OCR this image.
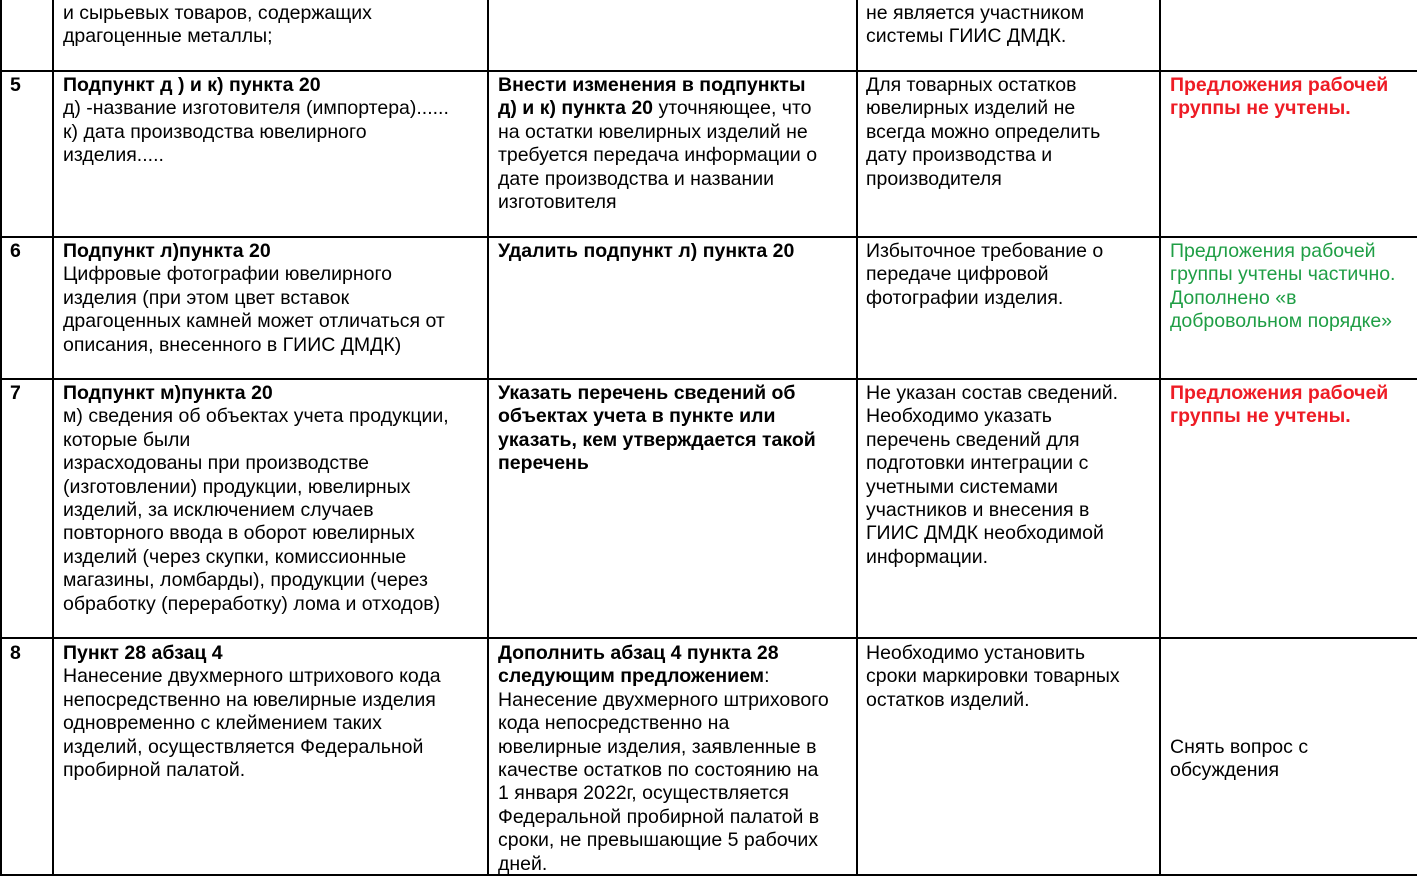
и сырьевых товаров, содержащих
драгоценные металлы;
не является участником
системы ГИИС ДМДК.
5 Подпункт д ) и к) пункта 20
д) -название изготовителя (импортера)......
к) дата производства ювелирного
изделия.....
Внести изменения в подпункты
д) и к) пункта 20 уточняющее, что
на остатки ювелирных изделий не
требуется передача информации о
дате производства и названии
изготовителя
Для товарных остатков
ювелирных изделий не
всегда можно определить
дату производства и
производителя
Предложения рабочей
группы не учтены.
6 Подпункт л)пункта 20
Цифровые фотографии ювелирного
изделия (при этом цвет вставок
драгоценных камней может отличаться от
описания, внесенного в ГИИС ДМДК)
Удалить подпункт л) пункта 20	Избыточное требование о
передаче цифровой
фотографии изделия.
Предложения рабочей
группы учтены частично.
Дополнено «в
добровольном порядке»
7 Подпункт м)пункта 20
м) сведения об объектах учета продукции,
которые были
израсходованы при производстве
(изготовлении) продукции, ювелирных
изделий, за исключением случаев
повторного ввода в оборот ювелирных
изделий (через скупки, комиссионные
магазины, ломбарды), продукции (через
обработку (переработку) лома и отходов)
Указать перечень сведений об
объектах учета в пункте или
указать, кем утверждается такой
перечень
Не указан состав сведений.
Необходимо указать
перечень сведений для
подготовки интеграции с
учетными системами
участников и внесения в
ГИИС ДМДК необходимой
информации.
Предложения рабочей
группы не учтены.
8 Пункт 28 абзац 4
Нанесение двухмерного штрихового кода
непосредственно на ювелирные изделия
одновременно с клеймением таких
изделий, осуществляется Федеральной
пробирной палатой.
Дополнить абзац 4 пункта 28
следующим предложением:
Нанесение двухмерного штрихового
кода непосредственно на
ювелирные изделия, заявленные в
качестве остатков по состоянию на
1 января 2022г, осуществляется
Федеральной пробирной палатой в
сроки, не превышающие 5 рабочих
дней.
Необходимо установить
сроки маркировки товарных
остатков изделий.
Снять вопрос с
обсуждения
